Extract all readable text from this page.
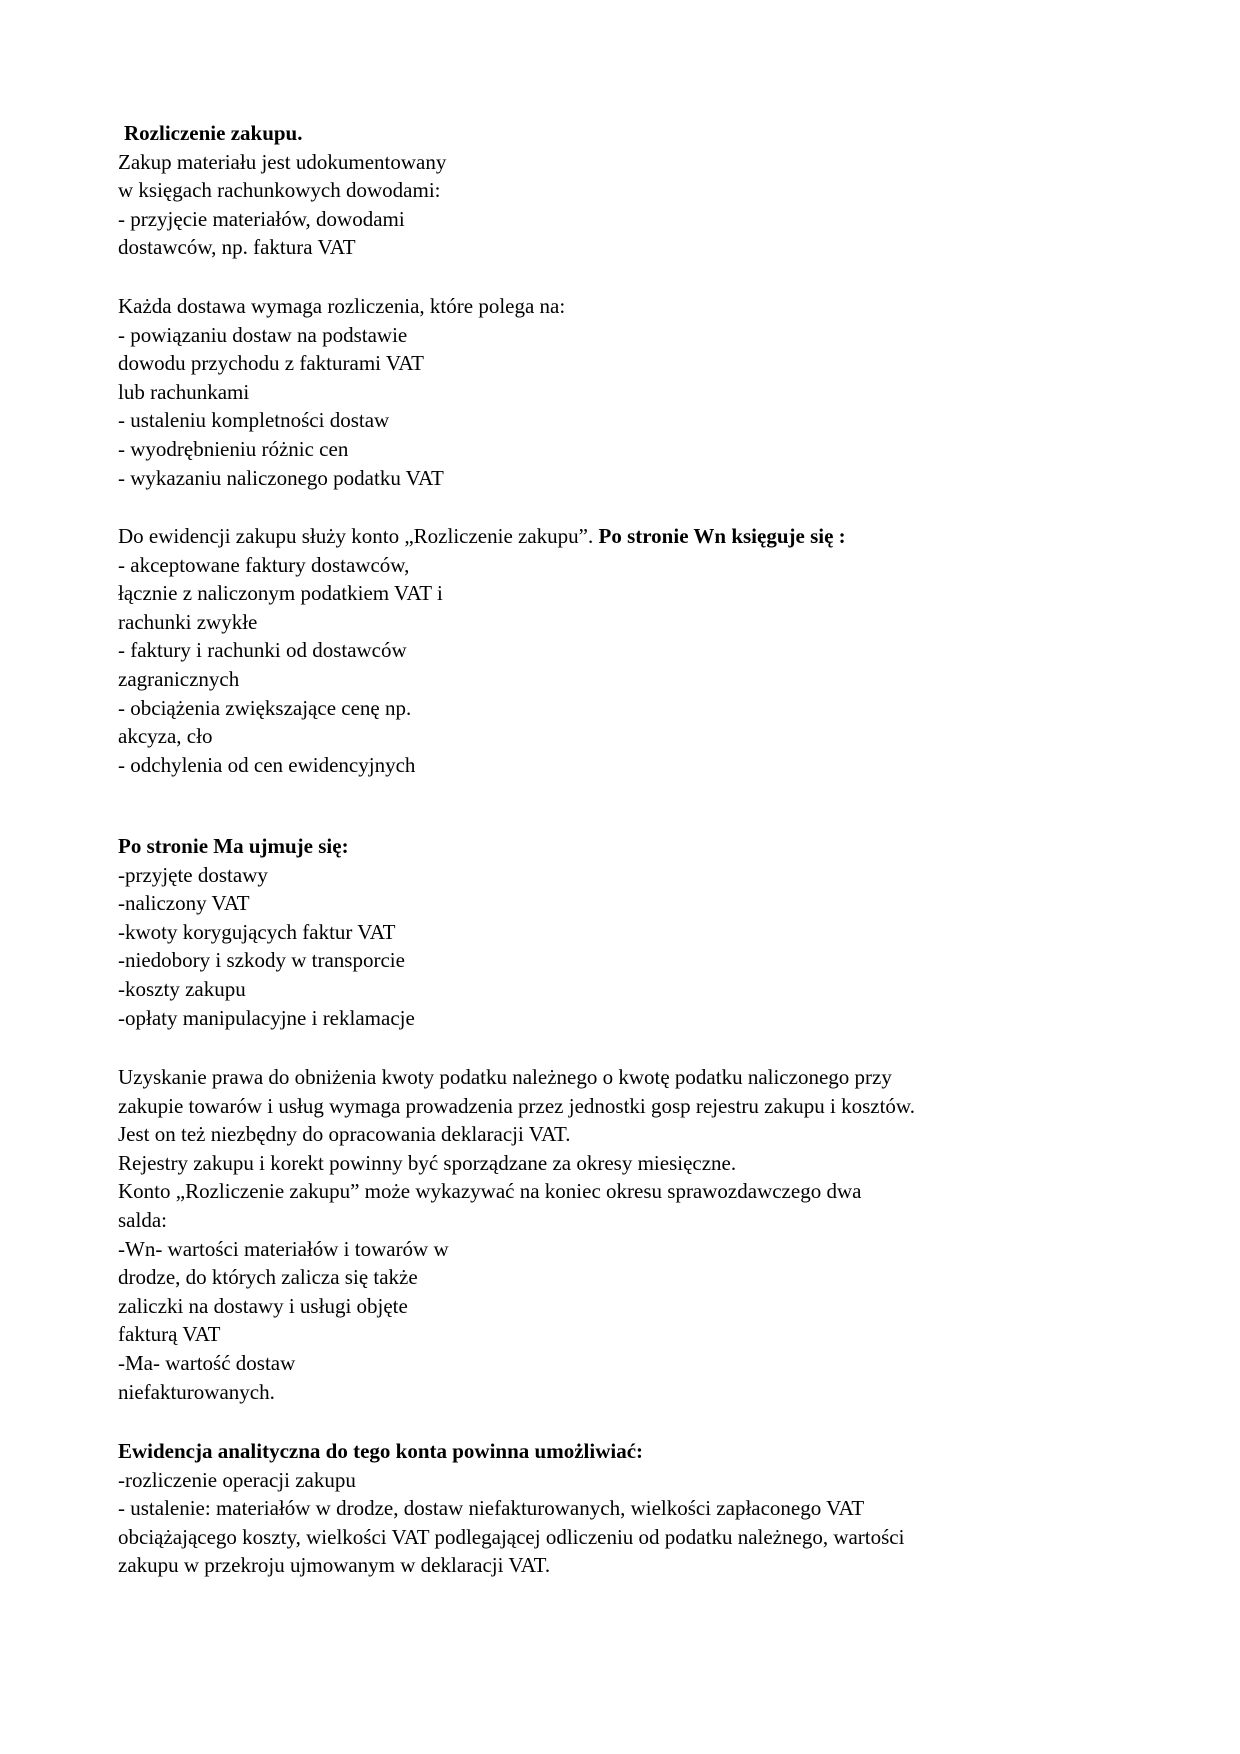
Rozliczenie zakupu.
Zakup materiału jest udokumentowany
w księgach rachunkowych dowodami:
- przyjęcie materiałów, dowodami
dostawców, np. faktura VAT
Każda dostawa wymaga rozliczenia, które polega na:
- powiązaniu dostaw na podstawie
dowodu przychodu z fakturami VAT
lub rachunkami
- ustaleniu kompletności dostaw
- wyodrębnieniu różnic cen
- wykazaniu naliczonego podatku VAT
Do ewidencji zakupu służy konto „Rozliczenie zakupu”. Po stronie Wn księguje się :
- akceptowane faktury dostawców,
łącznie z naliczonym podatkiem VAT i
rachunki zwykłe
- faktury i rachunki od dostawców
zagranicznych
- obciążenia zwiększające cenę np.
akcyza, cło
- odchylenia od cen ewidencyjnych
Po stronie Ma ujmuje się:
-przyjęte dostawy
-naliczony VAT
-kwoty korygujących faktur VAT
-niedobory i szkody w transporcie
-koszty zakupu
-opłaty manipulacyjne i reklamacje
Uzyskanie prawa do obniżenia kwoty podatku należnego o kwotę podatku naliczonego przy
zakupie towarów i usług wymaga prowadzenia przez jednostki gosp rejestru zakupu i kosztów.
Jest on też niezbędny do opracowania deklaracji VAT.
Rejestry zakupu i korekt powinny być sporządzane za okresy miesięczne.
Konto „Rozliczenie zakupu” może wykazywać na koniec okresu sprawozdawczego dwa
salda:
-Wn- wartości materiałów i towarów w
drodze, do których zalicza się także
zaliczki na dostawy i usługi objęte
fakturą VAT
-Ma- wartość dostaw
niefakturowanych.
Ewidencja analityczna do tego konta powinna umożliwiać:
-rozliczenie operacji zakupu
- ustalenie: materiałów w drodze, dostaw niefakturowanych, wielkości zapłaconego VAT
obciążającego koszty, wielkości VAT podlegającej odliczeniu od podatku należnego, wartości
zakupu w przekroju ujmowanym w deklaracji VAT.
